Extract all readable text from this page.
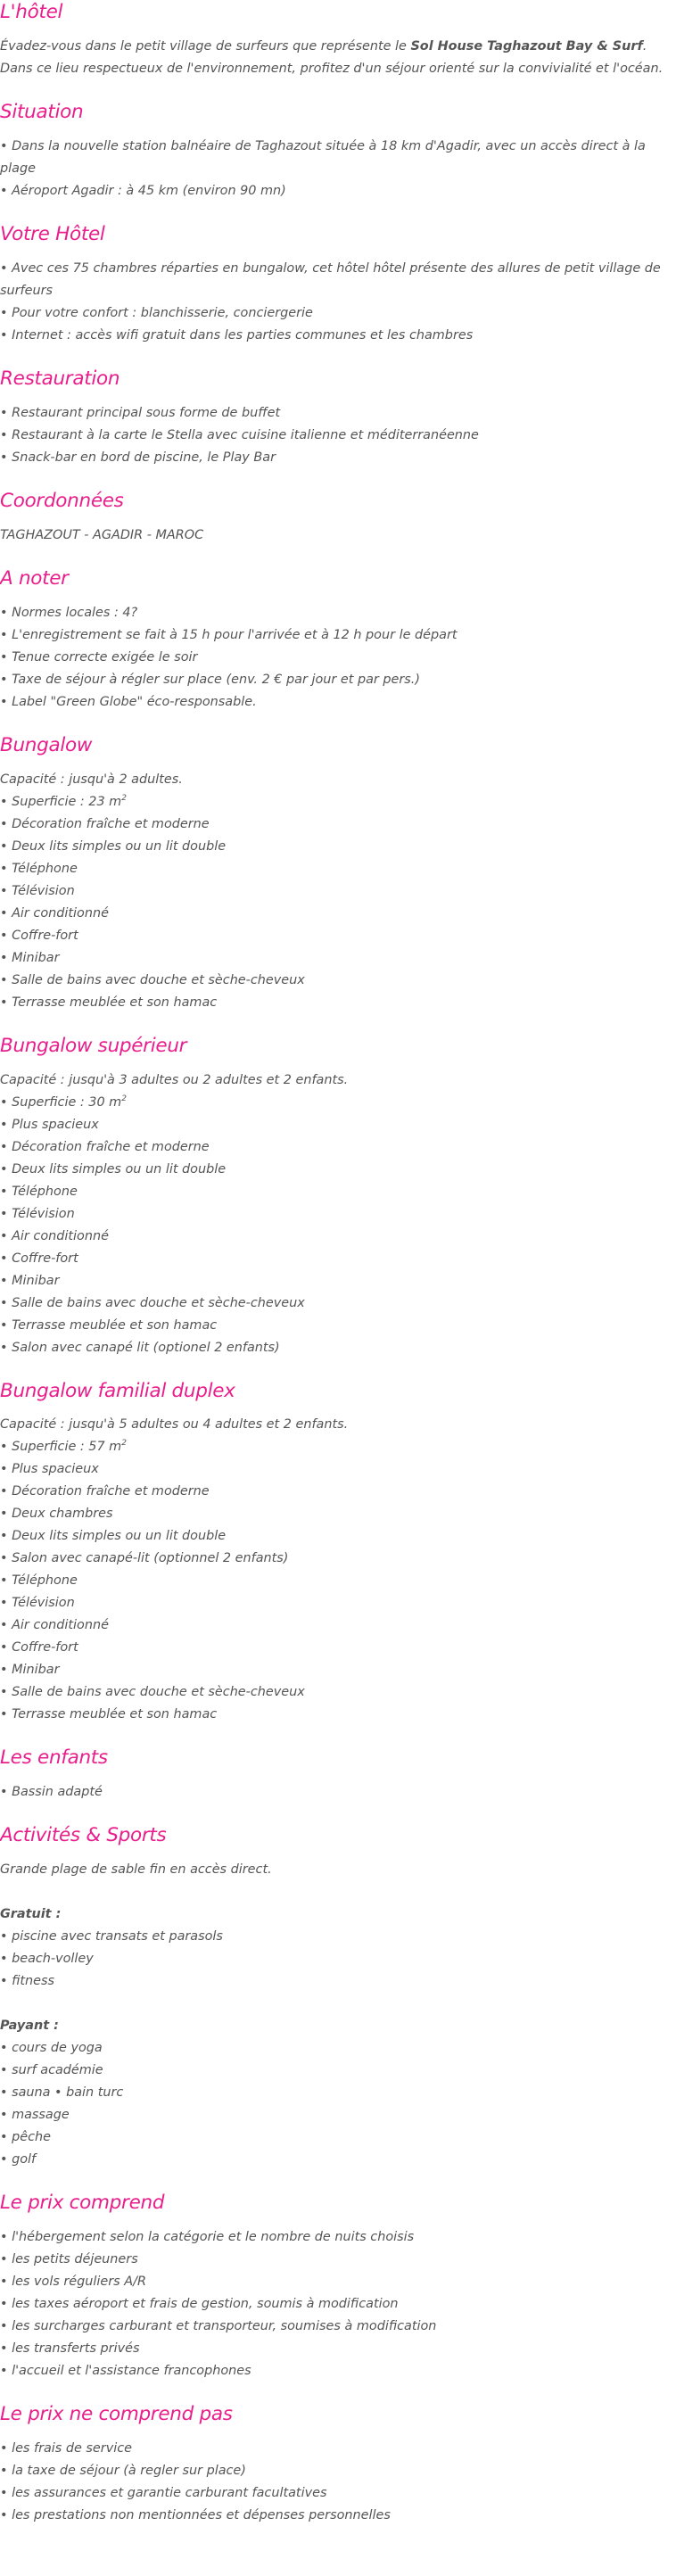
L'hôtel

Évadez-vous dans le petit village de surfeurs que représente le Sol House Taghazout Bay & Surf. Dans ce lieu respectueux de l'environnement, profitez d'un séjour orienté sur la convivialité et l'océan.

Situation
• Dans la nouvelle station balnéaire de Taghazout située à 18 km d'Agadir, avec un accès direct à la plage
• Aéroport Agadir : à 45 km (environ 90 mn)
Votre Hôtel
• Avec ces 75 chambres réparties en bungalow, cet hôtel hôtel présente des allures de petit village de surfeurs
• Pour votre confort : blanchisserie, conciergerie
• Internet : accès wifi gratuit dans les parties communes et les chambres
Restauration
• Restaurant principal sous forme de buffet
• Restaurant à la carte le Stella avec cuisine italienne et méditerranéenne
• Snack-bar en bord de piscine, le Play Bar
Coordonnées

TAGHAZOUT - AGADIR - MAROC

A noter
• Normes locales : 4?
• L'enregistrement se fait à 15 h pour l'arrivée et à 12 h pour le départ
• Tenue correcte exigée le soir
• Taxe de séjour à régler sur place (env. 2 € par jour et par pers.)
• Label "Green Globe" éco-responsable.
Bungalow

Capacité : jusqu'à 2 adultes.

• Superficie : 23 $m^2$
• Décoration fraîche et moderne
• Deux lits simples ou un lit double
• Téléphone
• Télévision
• Air conditionné
• Coffre-fort
• Minibar
• Salle de bains avec douche et sèche-cheveux
• Terrasse meublée et son hamac
Bungalow supérieur

Capacité : jusqu'à 3 adultes ou 2 adultes et 2 enfants.

• Superficie : 30 $m^2$
• Plus spacieux
• Décoration fraîche et moderne
• Deux lits simples ou un lit double
• Téléphone
• Télévision
• Air conditionné
• Coffre-fort
• Minibar
• Salle de bains avec douche et sèche-cheveux
• Terrasse meublée et son hamac
• Salon avec canapé lit (optionel 2 enfants)
Bungalow familial duplex

Capacité : jusqu'à 5 adultes ou 4 adultes et 2 enfants.

• Superficie : 57 $m^2$
• Plus spacieux
• Décoration fraîche et moderne
• Deux chambres
• Deux lits simples ou un lit double
• Salon avec canapé-lit (optionnel 2 enfants)
• Téléphone
• Télévision
• Air conditionné
• Coffre-fort
• Minibar
• Salle de bains avec douche et sèche-cheveux
• Terrasse meublée et son hamac
Les enfants
• Bassin adapté
Activités & Sports

Grande plage de sable fin en accès direct.

Gratuit :

• piscine avec transats et parasols
• beach-volley
• fitness

Payant :

• cours de yoga
• surf académie
• sauna • bain turc
• massage
• pêche
• golf
Le prix comprend
• l'hébergement selon la catégorie et le nombre de nuits choisis
• les petits déjeuners
• les vols réguliers A/R
• les taxes aéroport et frais de gestion, soumis à modification
• les surcharges carburant et transporteur, soumises à modification
• les transferts privés
• l'accueil et l'assistance francophones
Le prix ne comprend pas
• les frais de service
• la taxe de séjour (à regler sur place)
• les assurances et garantie carburant facultatives
• les prestations non mentionnées et dépenses personnelles
